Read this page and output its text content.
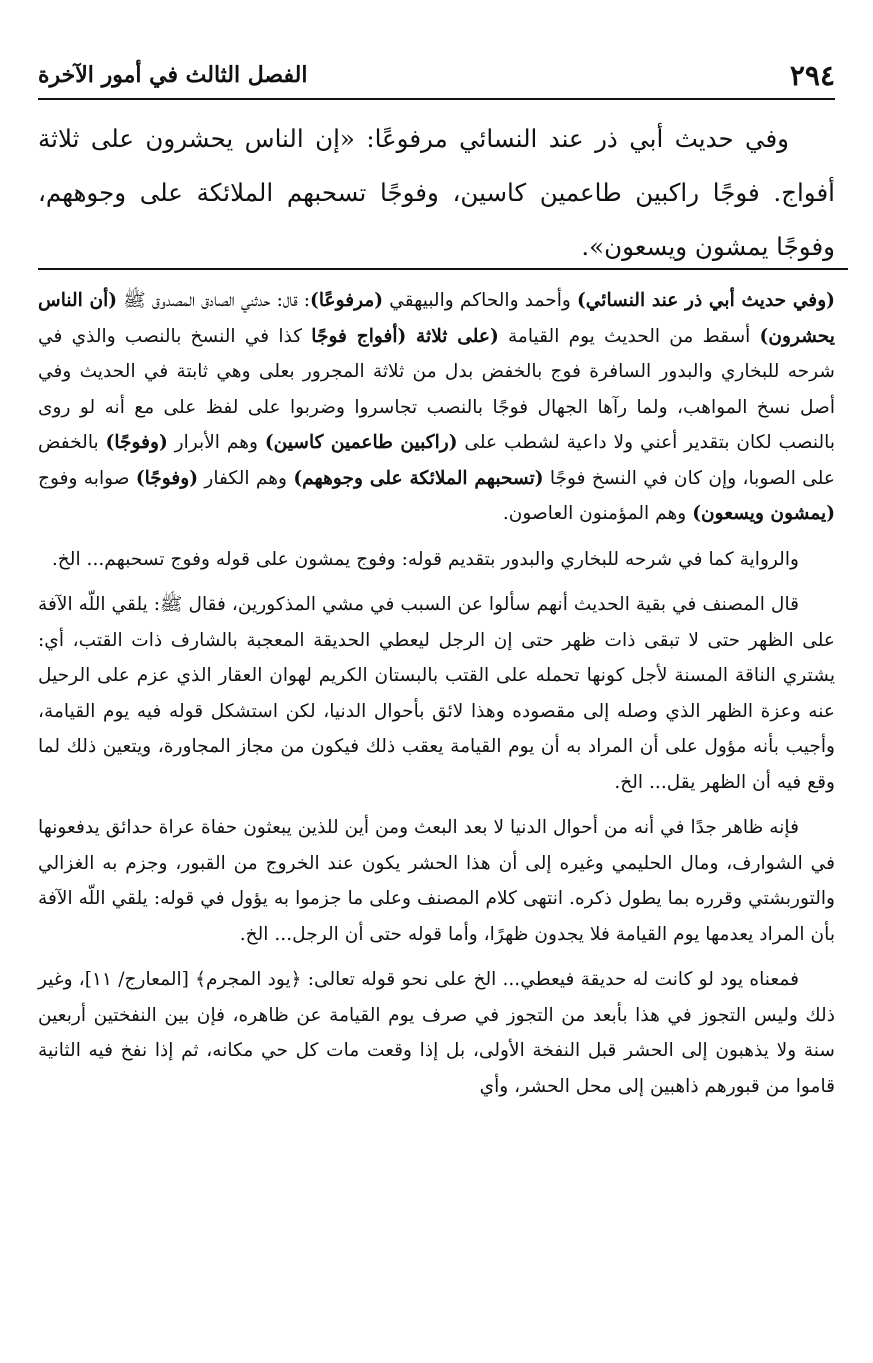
٢٩٤
الفصل الثالث في أمور الآخرة

وفي حديث أبي ذر عند النسائي مرفوعًا: «إن الناس يحشرون على ثلاثة أفواج. فوجًا راكبين طاعمين كاسين، وفوجًا تسحبهم الملائكة على وجوههم، وفوجًا يمشون ويسعون».

(وفي حديث أبي ذر عند النسائي) وأحمد والحاكم والبيهقي (مرفوعًا): قال: حدثني الصادق المصدوق ﷺ (أن الناس يحشرون) أسقط من الحديث يوم القيامة (على ثلاثة (أفواج فوجًا كذا في النسخ بالنصب والذي في شرحه للبخاري والبدور السافرة فوج بالخفض بدل من ثلاثة المجرور بعلى وهي ثابتة في الحديث وفي أصل نسخ المواهب، ولما رآها الجهال فوجًا بالنصب تجاسروا وضربوا على لفظ على مع أنه لو روى بالنصب لكان بتقدير أعني ولا داعية لشطب على (راكبين طاعمين كاسين) وهم الأبرار (وفوجًا) بالخفض على الصوبا، وإن كان في النسخ فوجًا (تسحبهم الملائكة على وجوههم) وهم الكفار (وفوجًا) صوابه وفوج (يمشون ويسعون) وهم المؤمنون العاصون.

والرواية كما في شرحه للبخاري والبدور بتقديم قوله: وفوج يمشون على قوله وفوج تسحبهم... الخ.

قال المصنف في بقية الحديث أنهم سألوا عن السبب في مشي المذكورين، فقال ﷺ: يلقي اللّه الآفة على الظهر حتى لا تبقى ذات ظهر حتى إن الرجل ليعطي الحديقة المعجبة بالشارف ذات القتب، أي: يشتري الناقة المسنة لأجل كونها تحمله على القتب بالبستان الكريم لهوان العقار الذي عزم على الرحيل عنه وعزة الظهر الذي وصله إلى مقصوده وهذا لائق بأحوال الدنيا، لكن استشكل قوله فيه يوم القيامة، وأجيب بأنه مؤول على أن المراد به أن يوم القيامة يعقب ذلك فيكون من مجاز المجاورة، ويتعين ذلك لما وقع فيه أن الظهر يقل... الخ.

فإنه ظاهر جدًا في أنه من أحوال الدنيا لا بعد البعث ومن أين للذين يبعثون حفاة عراة حدائق يدفعونها في الشوارف، ومال الحليمي وغيره إلى أن هذا الحشر يكون عند الخروج من القبور، وجزم به الغزالي والتوربشتي وقرره بما يطول ذكره. انتهى كلام المصنف وعلى ما جزموا به يؤول في قوله: يلقي اللّه الآفة بأن المراد يعدمها يوم القيامة فلا يجدون ظهرًا، وأما قوله حتى أن الرجل... الخ.

فمعناه يود لو كانت له حديقة فيعطي... الخ على نحو قوله تعالى: ﴿يود المجرم﴾ [المعارج/ ١١]، وغير ذلك وليس التجوز في هذا بأبعد من التجوز في صرف يوم القيامة عن ظاهره، فإن بين النفختين أربعين سنة ولا يذهبون إلى الحشر قبل النفخة الأولى، بل إذا وقعت مات كل حي مكانه، ثم إذا نفخ فيه الثانية قاموا من قبورهم ذاهبين إلى محل الحشر، وأي
